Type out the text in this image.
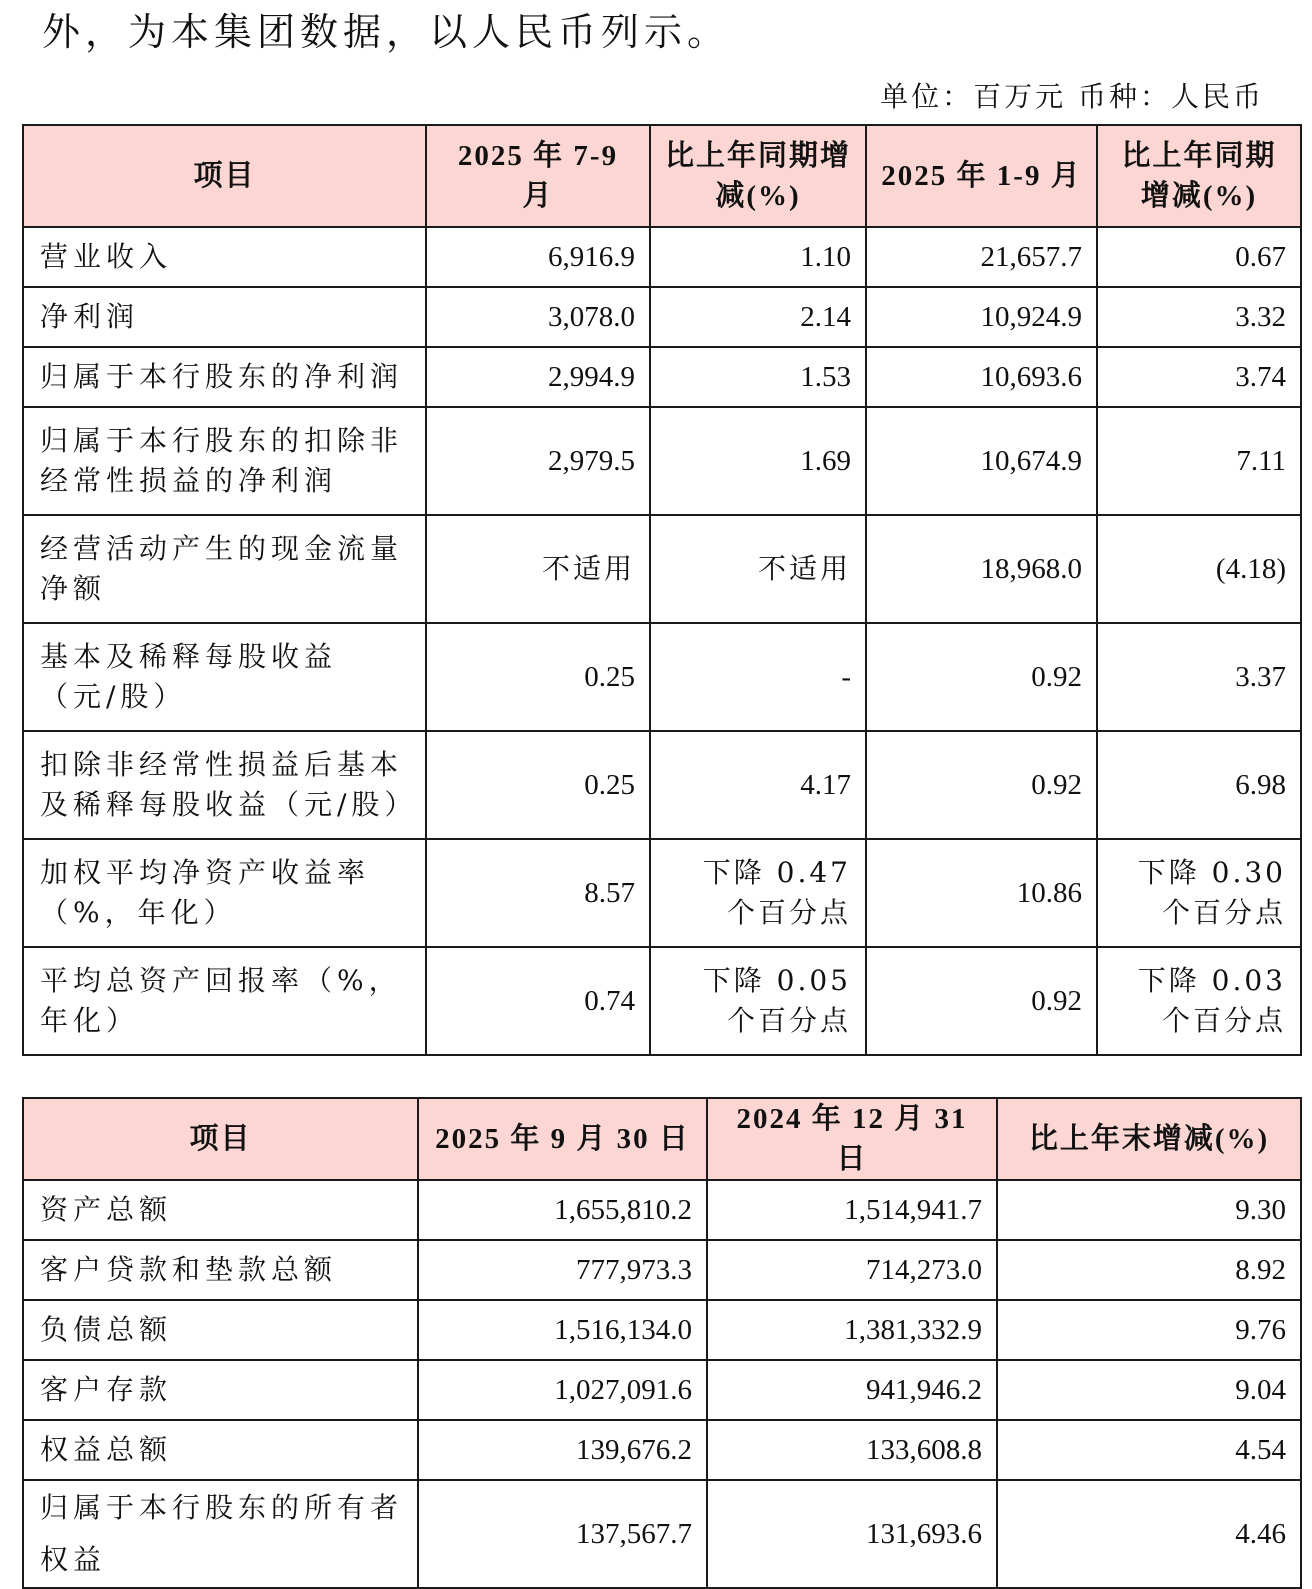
外，为本集团数据，以人民币列示。

单位：百万元 币种：人民币
项目	2025 年 7-9 月	比上年同期增减(%)	2025 年 1-9 月	比上年同期增减(%)
营业收入	6,916.9	1.10	21,657.7	0.67
净利润	3,078.0	2.14	10,924.9	3.32
归属于本行股东的净利润	2,994.9	1.53	10,693.6	3.74
归属于本行股东的扣除非经常性损益的净利润	2,979.5	1.69	10,674.9	7.11
经营活动产生的现金流量净额	不适用	不适用	18,968.0	(4.18)
基本及稀释每股收益（元/股）	0.25	-	0.92	3.37
扣除非经常性损益后基本及稀释每股收益（元/股）	0.25	4.17	0.92	6.98
加权平均净资产收益率（%，年化）	8.57	下降 0.47 个百分点	10.86	下降 0.30 个百分点
平均总资产回报率（%，年化）	0.74	下降 0.05 个百分点	0.92	下降 0.03 个百分点
项目	2025 年 9 月 30 日	2024 年 12 月 31 日	比上年末增减(%)
资产总额	1,655,810.2	1,514,941.7	9.30
客户贷款和垫款总额	777,973.3	714,273.0	8.92
负债总额	1,516,134.0	1,381,332.9	9.76
客户存款	1,027,091.6	941,946.2	9.04
权益总额	139,676.2	133,608.8	4.54
归属于本行股东的所有者权益	137,567.7	131,693.6	4.46
